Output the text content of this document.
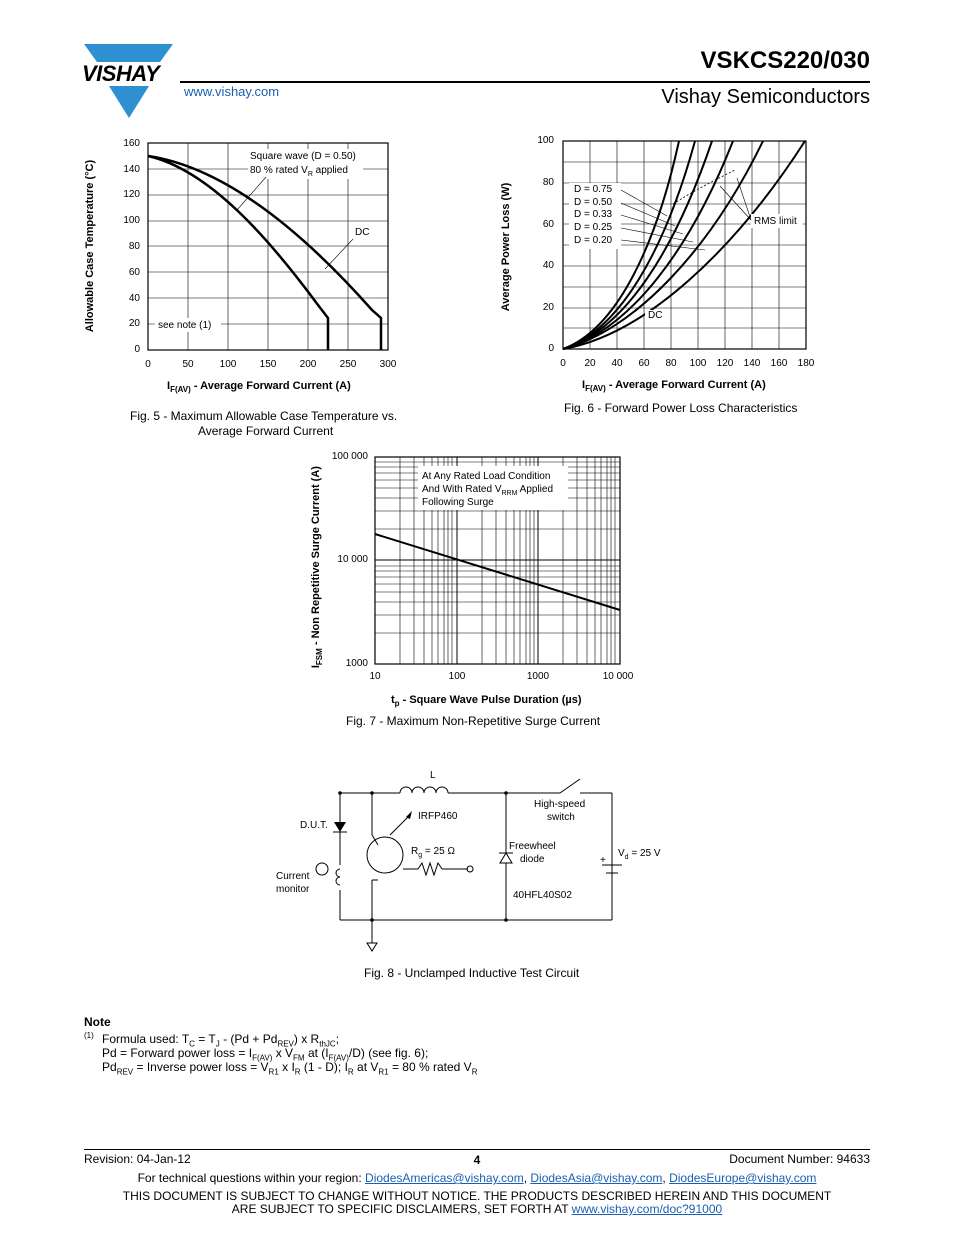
VISHAY
www.vishay.com
VSKCS220/030
Vishay Semiconductors
Square wave (D = 0.50)
80 % rated $V_R$ applied
DC
see note (1)
160
140
120
100
80
60
40
20
0
0	50	100	150	200	250	300
Allowable Case Temperature (°C)
$I_{F(AV)}$ - Average Forward Current (A)
Fig. 5 - Maximum Allowable Case Temperature vs.
Average Forward Current
D = 0.75
D = 0.50
D = 0.33
D = 0.25
D = 0.20
RMS limit
DC
100
80
60
40
20
0
0	20	40	60	80	100	120	140	160	180
Average Power Loss (W)
$I_{F(AV)}$ - Average Forward Current (A)
Fig. 6 - Forward Power Loss Characteristics
At Any Rated Load Condition
And With Rated $V_{RRM}$ Applied
Following Surge
100 000
10 000
1000
10	100	1000	10 000
$I_{FSM}$ - Non Repetitive Surge Current (A)
$t_p$ - Square Wave Pulse Duration (µs)
Fig. 7 - Maximum Non-Repetitive Surge Current
L
High-speed
switch
D.U.T.
IRFP460
$R_g = 25$ Ω	Freewheel
diode	+
$V_d = 25$ V
Current
monitor
40HFL40S02
Fig. 8 - Unclamped Inductive Test Circuit
Note
(1) Formula used: $T_C = T_J - (Pd + Pd_{REV})$ x $R_{thJC}$;
Pd = Forward power loss = $I_{F(AV)}$ x $V_{FM}$ at $(I_{F(AV)}/D)$ (see fig. 6);
$Pd_{REV}$ = Inverse power loss = $V_{R1}$ x $I_R$ (1 - D); $I_R$ at $V_{R1} = 80$ % rated $V_R$
Revision: 04-Jan-12	4	Document Number: 94633
For technical questions within your region: DiodesAmericas@vishay.com, DiodesAsia@vishay.com, DiodesEurope@vishay.com
THIS DOCUMENT IS SUBJECT TO CHANGE WITHOUT NOTICE. THE PRODUCTS DESCRIBED HEREIN AND THIS DOCUMENT
ARE SUBJECT TO SPECIFIC DISCLAIMERS, SET FORTH AT www.vishay.com/doc?91000
